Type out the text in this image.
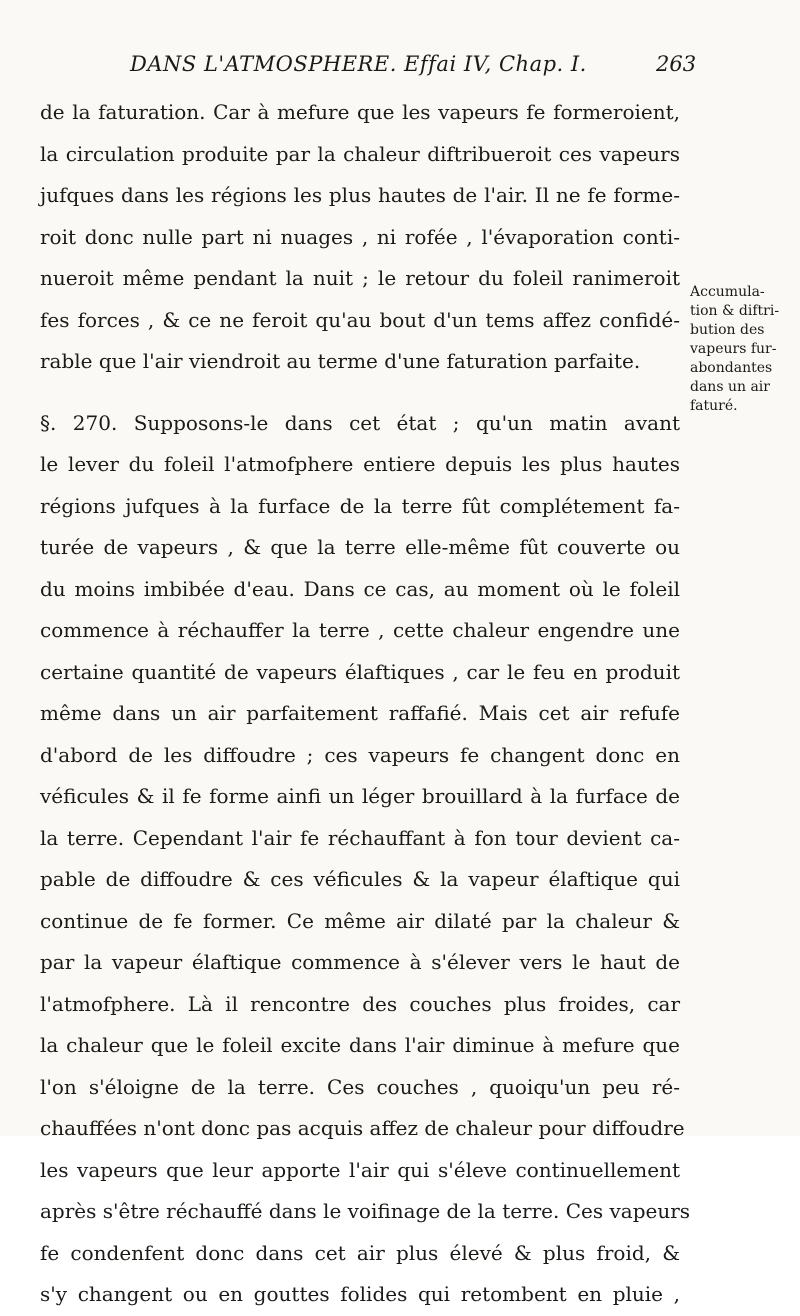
DANS L'ATMOSPHERE. Effai IV, Chap. I.	263
de la faturation. Car à mefure que les vapeurs fe formeroient,
la circulation produite par la chaleur diftribueroit ces vapeurs
jufques dans les régions les plus hautes de l'air. Il ne fe forme-
roit donc nulle part ni nuages , ni rofée , l'évaporation conti-
nueroit même pendant la nuit ; le retour du foleil ranimeroit
fes forces , & ce ne feroit qu'au bout d'un tems affez confidé-
rable que l'air viendroit au terme d'une faturation parfaite.
§. 270. Supposons-le dans cet état ; qu'un matin avant
le lever du foleil l'atmofphere entiere depuis les plus hautes
régions jufques à la furface de la terre fût complétement fa-
turée de vapeurs , & que la terre elle-même fût couverte ou
du moins imbibée d'eau. Dans ce cas, au moment où le foleil
commence à réchauffer la terre , cette chaleur engendre une
certaine quantité de vapeurs élaftiques , car le feu en produit
même dans un air parfaitement raffafié. Mais cet air refufe
d'abord de les diffoudre ; ces vapeurs fe changent donc en
véficules & il fe forme ainfi un léger brouillard à la furface de
la terre. Cependant l'air fe réchauffant à fon tour devient ca-
pable de diffoudre & ces véficules & la vapeur élaftique qui
continue de fe former. Ce même air dilaté par la chaleur &
par la vapeur élaftique commence à s'élever vers le haut de
l'atmofphere. Là il rencontre des couches plus froides, car
la chaleur que le foleil excite dans l'air diminue à mefure que
l'on s'éloigne de la terre. Ces couches , quoiqu'un peu ré-
chauffées n'ont donc pas acquis affez de chaleur pour diffoudre
les vapeurs que leur apporte l'air qui s'éleve continuellement
après s'être réchauffé dans le voifinage de la terre. Ces vapeurs
fe condenfent donc dans cet air plus élevé & plus froid, &
s'y changent ou en gouttes folides qui retombent en pluie ,
Accumula-
tion & diftri-
bution des
vapeurs fur-
abondantes
dans un air
faturé.
